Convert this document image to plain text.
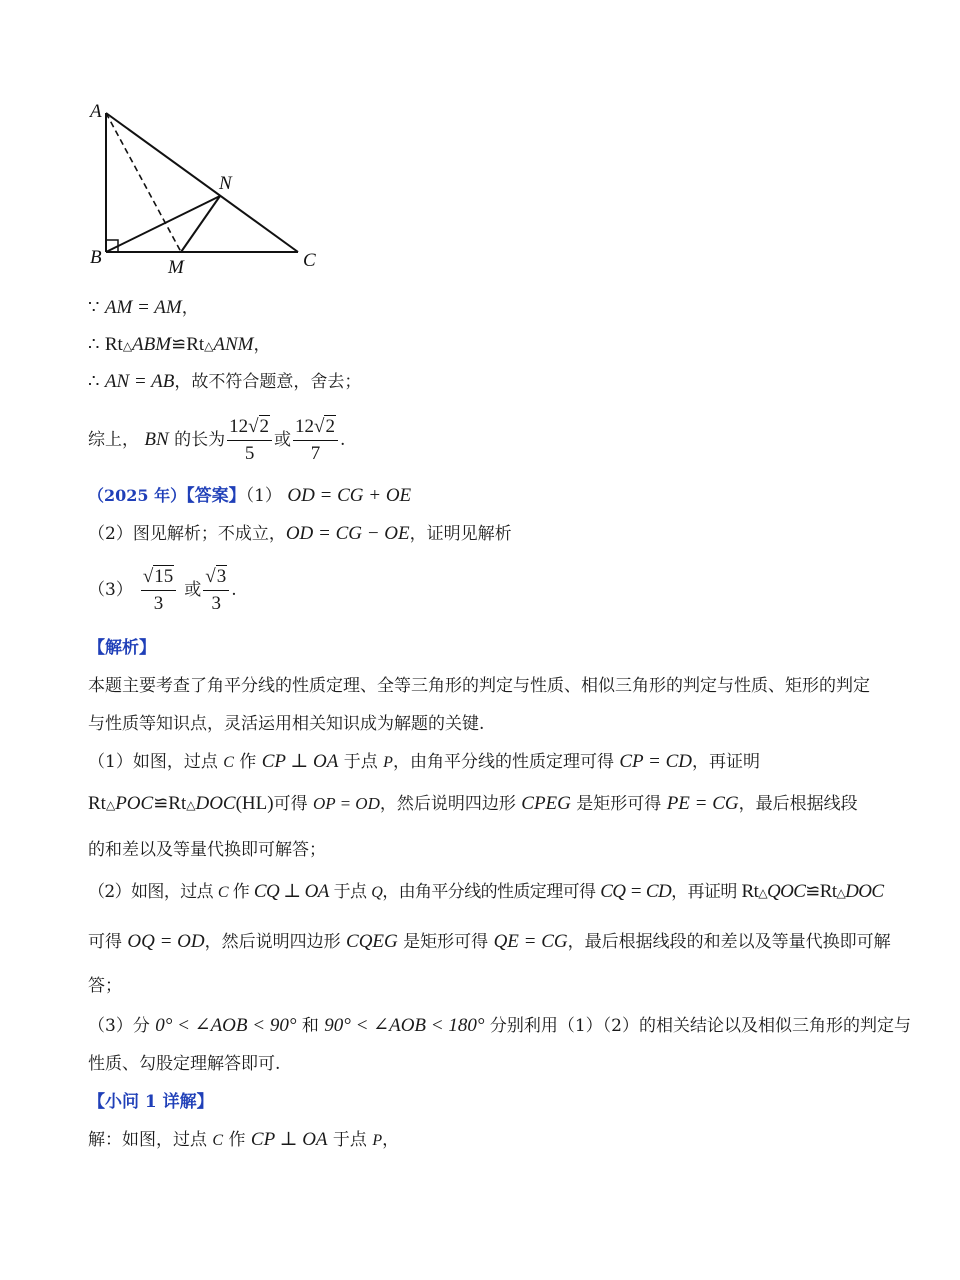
A
N
B	M	C
∵ AM = AM，
∴ Rt△ABM≌Rt△ANM，
∴ AN = AB，故不符合题意，舍去；
综上， BN 的长为 $\frac{12√2}{5}$ 或 $\frac{12√2}{7}$ .
（2025 年）【答案】（1） OD = CG + OE
（2）图见解析；不成立，OD = CG − OE，证明见解析
$(3) \frac{√15}{3}$ 或 $\frac{√3}{3}$ .
【解析】
本题主要考查了角平分线的性质定理、全等三角形的判定与性质、相似三角形的判定与性质、矩形的判定
与性质等知识点，灵活运用相关知识成为解题的关键.
（1）如图，过点 C 作 CP ⊥ OA 于点 P，由角平分线的性质定理可得 CP = CD，再证明
Rt△POC≌Rt△DOC(HL)可得 OP = OD，然后说明四边形 CPEG 是矩形可得 PE = CG，最后根据线段
的和差以及等量代换即可解答；
（2）如图，过点 C 作 CQ ⊥ OA 于点 Q，由角平分线的性质定理可得 CQ = CD，再证明 Rt△QOC≌Rt△DOC
可得 OQ = OD，然后说明四边形 CQEG 是矩形可得 QE = CG，最后根据线段的和差以及等量代换即可解
答；
（3）分 0° < ∠AOB < 90° 和 90° < ∠AOB < 180° 分别利用（1）（2）的相关结论以及相似三角形的判定与
性质、勾股定理解答即可.
【小问 1 详解】
解：如图，过点 C 作 CP ⊥ OA 于点 P，
